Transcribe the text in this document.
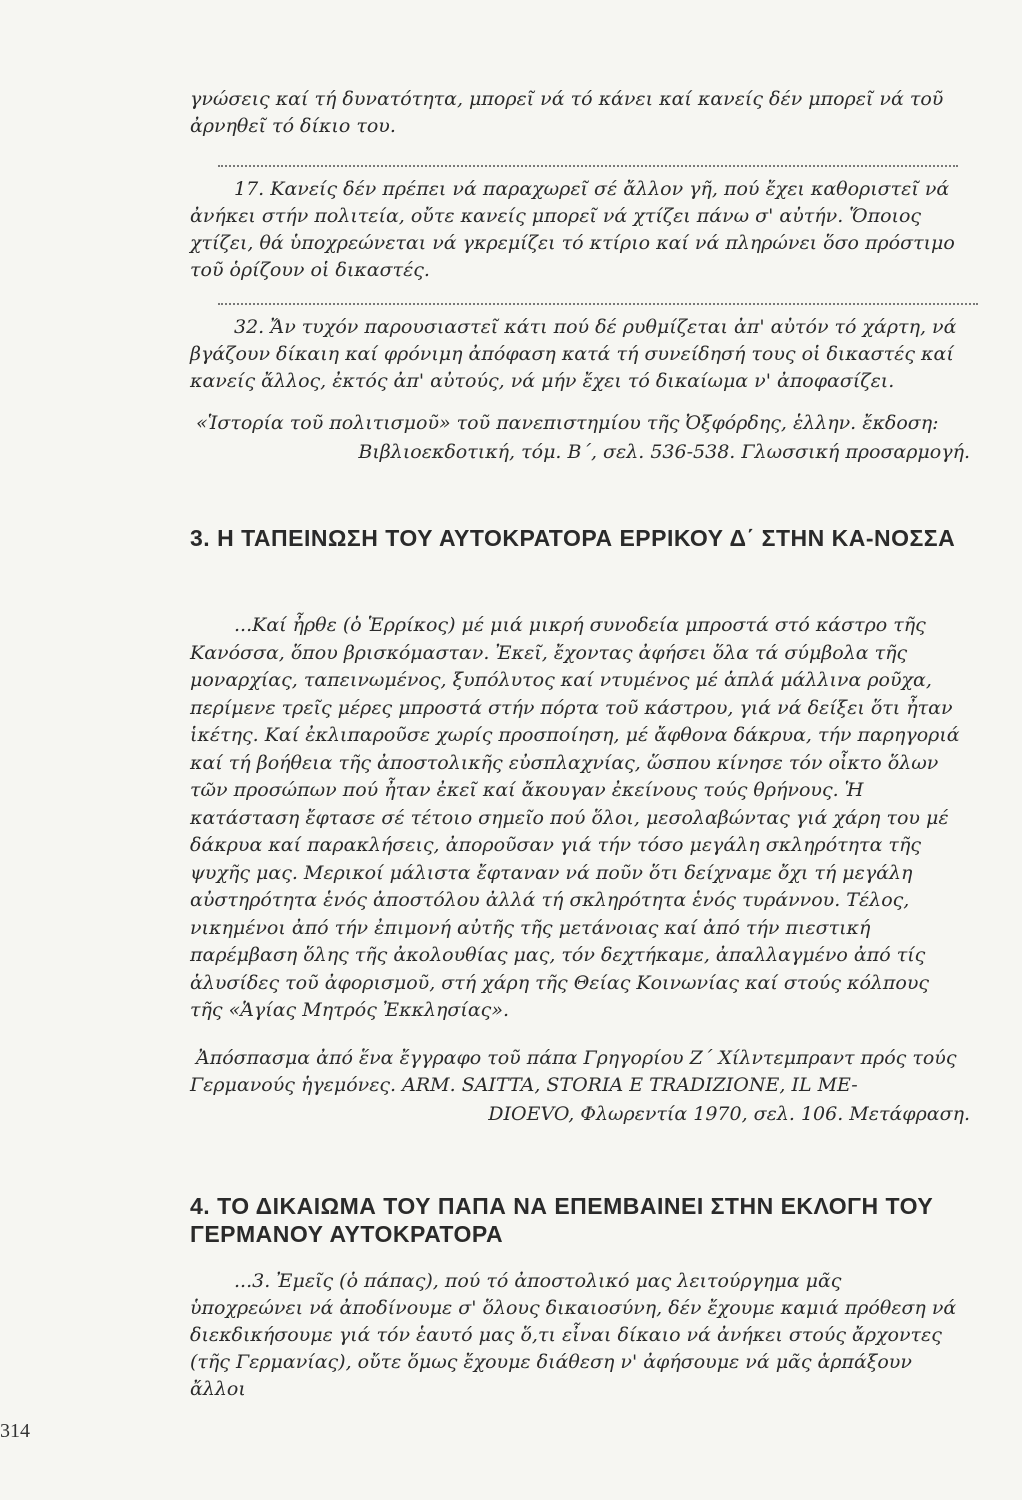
γνώσεις καί τή δυνατότητα, μπορεῖ νά τό κάνει καί κανείς δέν μπορεῖ νά τοῦ ἀρνηθεῖ τό δίκιο του.

17. Κανείς δέν πρέπει νά παραχωρεῖ σέ ἄλλον γῆ, πού ἔχει καθοριστεῖ νά ἀνήκει στήν πολιτεία, οὔτε κανείς μπορεῖ νά χτίζει πάνω σ' αὐτήν. Ὅποιος χτίζει, θά ὑποχρεώνεται νά γκρεμίζει τό κτίριο καί νά πληρώνει ὅσο πρόστιμο τοῦ ὁρίζουν οἱ δικαστές.

32. Ἄν τυχόν παρουσιαστεῖ κάτι πού δέ ρυθμίζεται ἀπ' αὐτόν τό χάρτη, νά βγάζουν δίκαιη καί φρόνιμη ἀπόφαση κατά τή συνείδησή τους οἱ δικαστές καί κανείς ἄλλος, ἐκτός ἀπ' αὐτούς, νά μήν ἔχει τό δικαίωμα ν' ἀποφασίζει.

«Ἱστορία τοῦ πολιτισμοῦ» τοῦ πανεπιστημίου τῆς Ὀξφόρδης, ἑλλην. ἔκδοση:

Βιβλιοεκδοτική, τόμ. Β΄, σελ. 536-538. Γλωσσική προσαρμογή.

3. Η ΤΑΠΕΙΝΩΣΗ ΤΟΥ ΑΥΤΟΚΡΑΤΟΡΑ ΕΡΡΙΚΟΥ Δ΄ ΣΤΗΝ ΚΑ-ΝΟΣΣΑ

...Καί ἦρθε (ὁ Ἑρρίκος) μέ μιά μικρή συνοδεία μπροστά στό κάστρο τῆς Κανόσσα, ὅπου βρισκόμασταν. Ἐκεῖ, ἔχοντας ἀφήσει ὅλα τά σύμβολα τῆς μοναρχίας, ταπεινωμένος, ξυπόλυτος καί ντυμένος μέ ἁπλά μάλλινα ροῦχα, περίμενε τρεῖς μέρες μπροστά στήν πόρτα τοῦ κάστρου, γιά νά δείξει ὅτι ἦταν ἱκέτης. Καί ἐκλιπαροῦσε χωρίς προσποίηση, μέ ἄφθονα δάκρυα, τήν παρηγοριά καί τή βοήθεια τῆς ἀποστολικῆς εὐσπλαχνίας, ὥσπου κίνησε τόν οἶκτο ὅλων τῶν προσώπων πού ἦταν ἐκεῖ καί ἄκουγαν ἐκείνους τούς θρήνους. Ἡ κατάσταση ἔφτασε σέ τέτοιο σημεῖο πού ὅλοι, μεσολαβώντας γιά χάρη του μέ δάκρυα καί παρακλήσεις, ἀποροῦσαν γιά τήν τόσο μεγάλη σκληρότητα τῆς ψυχῆς μας. Μερικοί μάλιστα ἔφταναν νά ποῦν ὅτι δείχναμε ὄχι τή μεγάλη αὐστηρότητα ἑνός ἀποστόλου ἀλλά τή σκληρότητα ἑνός τυράννου. Τέλος, νικημένοι ἀπό τήν ἐπιμονή αὐτῆς τῆς μετάνοιας καί ἀπό τήν πιεστική παρέμβαση ὅλης τῆς ἀκολουθίας μας, τόν δεχτήκαμε, ἀπαλλαγμένο ἀπό τίς ἁλυσίδες τοῦ ἀφορισμοῦ, στή χάρη τῆς Θείας Κοινωνίας καί στούς κόλπους τῆς «Ἁγίας Μητρός Ἐκκλησίας».

Ἀπόσπασμα ἀπό ἕνα ἔγγραφο τοῦ πάπα Γρηγορίου Ζ΄ Χίλντεμπραντ πρός τούς Γερμανούς ἡγεμόνες. ARM. SAITTA, STORIA E TRADIZIONE, IL ME-

DIOEVO, Φλωρεντία 1970, σελ. 106. Μετάφραση.

4. ΤΟ ΔΙΚΑΙΩΜΑ ΤΟΥ ΠΑΠΑ ΝΑ ΕΠΕΜΒΑΙΝΕΙ ΣΤΗΝ ΕΚΛΟΓΗ ΤΟΥ ΓΕΡΜΑΝΟΥ ΑΥΤΟΚΡΑΤΟΡΑ

...3. Ἐμεῖς (ὁ πάπας), πού τό ἀποστολικό μας λειτούργημα μᾶς ὑποχρεώνει νά ἀποδίνουμε σ' ὅλους δικαιοσύνη, δέν ἔχουμε καμιά πρόθεση νά διεκδικήσουμε γιά τόν ἑαυτό μας ὅ,τι εἶναι δίκαιο νά ἀνήκει στούς ἄρχοντες (τῆς Γερμανίας), οὔτε ὅμως ἔχουμε διάθεση ν' ἀφήσουμε νά μᾶς ἁρπάξουν ἄλλοι

314
